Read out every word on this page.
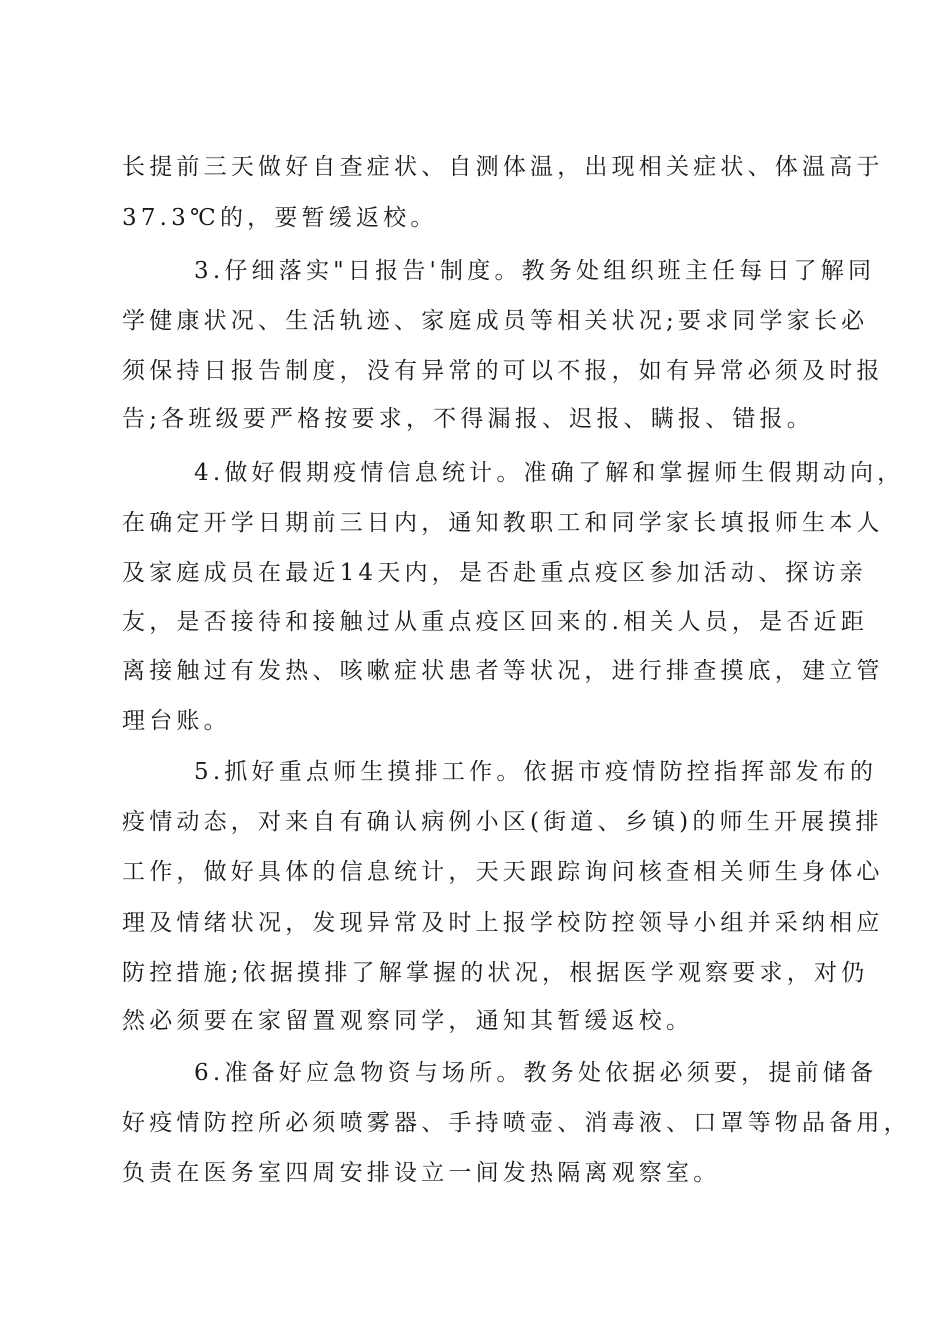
长提前三天做好自查症状、自测体温，出现相关症状、体温高于
37.3℃的，要暂缓返校。
3.仔细落实"日报告'制度。教务处组织班主任每日了解同
学健康状况、生活轨迹、家庭成员等相关状况;要求同学家长必
须保持日报告制度，没有异常的可以不报，如有异常必须及时报
告;各班级要严格按要求，不得漏报、迟报、瞒报、错报。
4.做好假期疫情信息统计。准确了解和掌握师生假期动向，
在确定开学日期前三日内，通知教职工和同学家长填报师生本人
及家庭成员在最近14天内，是否赴重点疫区参加活动、探访亲
友，是否接待和接触过从重点疫区回来的.相关人员，是否近距
离接触过有发热、咳嗽症状患者等状况，进行排查摸底，建立管
理台账。
5.抓好重点师生摸排工作。依据市疫情防控指挥部发布的
疫情动态，对来自有确认病例小区(街道、乡镇)的师生开展摸排
工作，做好具体的信息统计，天天跟踪询问核查相关师生身体心
理及情绪状况，发现异常及时上报学校防控领导小组并采纳相应
防控措施;依据摸排了解掌握的状况，根据医学观察要求，对仍
然必须要在家留置观察同学，通知其暂缓返校。
6.准备好应急物资与场所。教务处依据必须要，提前储备
好疫情防控所必须喷雾器、手持喷壶、消毒液、口罩等物品备用，
负责在医务室四周安排设立一间发热隔离观察室。
